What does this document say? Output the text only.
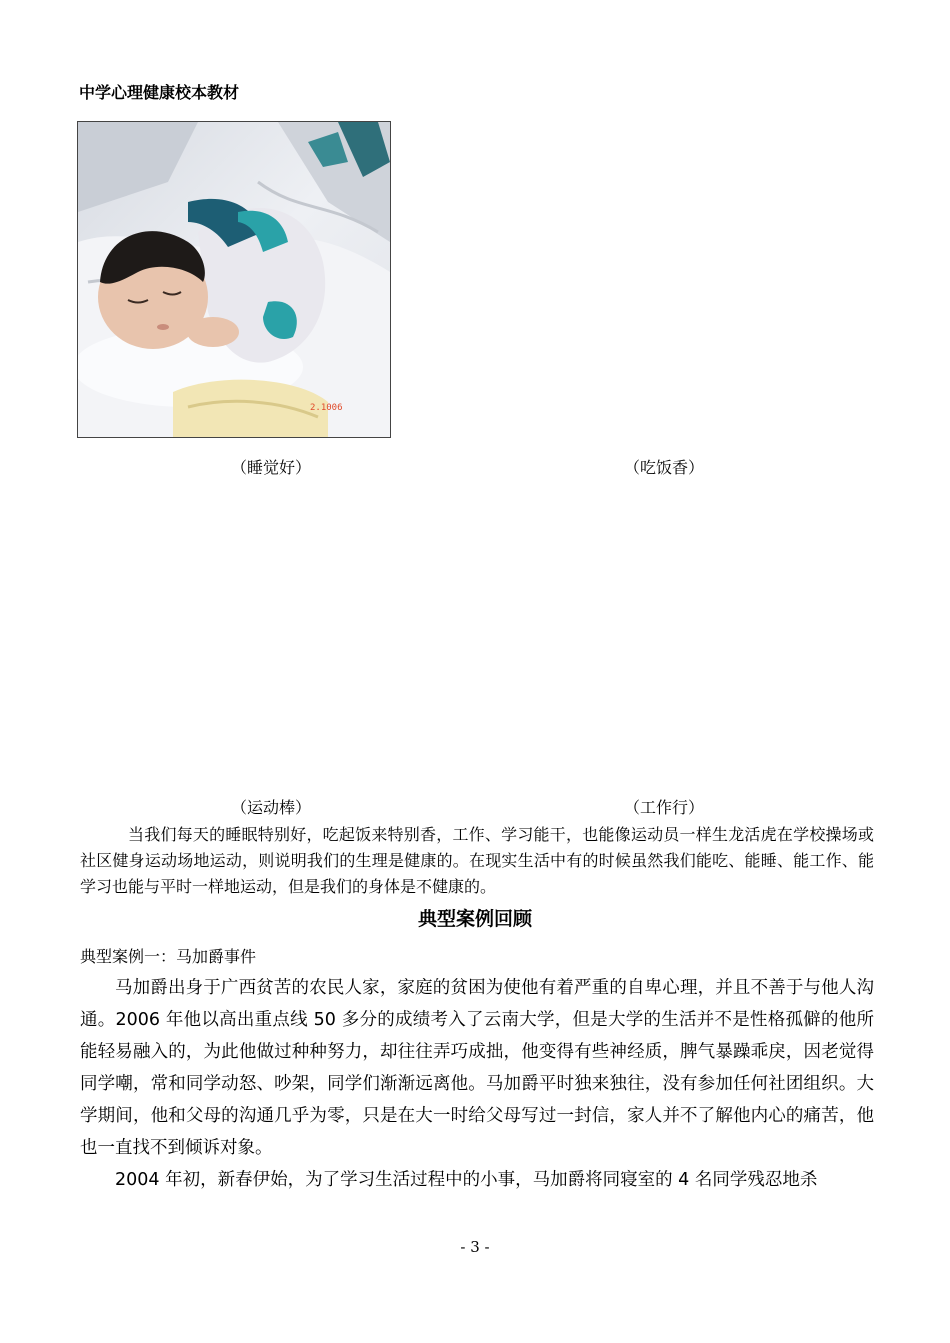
中学心理健康校本教材
2.1006
（睡觉好）	（吃饭香）
（运动棒）	（工作行）
当我们每天的睡眠特别好，吃起饭来特别香，工作、学习能干，也能像运动员一样生龙活虎在学校操场或社区健身运动场地运动，则说明我们的生理是健康的。在现实生活中有的时候虽然我们能吃、能睡、能工作、能学习也能与平时一样地运动，但是我们的身体是不健康的。
典型案例回顾
典型案例一：马加爵事件

马加爵出身于广西贫苦的农民人家，家庭的贫困为使他有着严重的自卑心理，并且不善于与他人沟通。2006 年他以高出重点线 50 多分的成绩考入了云南大学，但是大学的生活并不是性格孤僻的他所能轻易融入的，为此他做过种种努力，却往往弄巧成拙，他变得有些神经质，脾气暴躁乖戾，因老觉得同学嘲，常和同学动怒、吵架，同学们渐渐远离他。马加爵平时独来独往，没有参加任何社团组织。大学期间，他和父母的沟通几乎为零，只是在大一时给父母写过一封信，家人并不了解他内心的痛苦，他也一直找不到倾诉对象。

2004 年初，新春伊始，为了学习生活过程中的小事，马加爵将同寝室的 4 名同学残忍地杀

- 3 -
